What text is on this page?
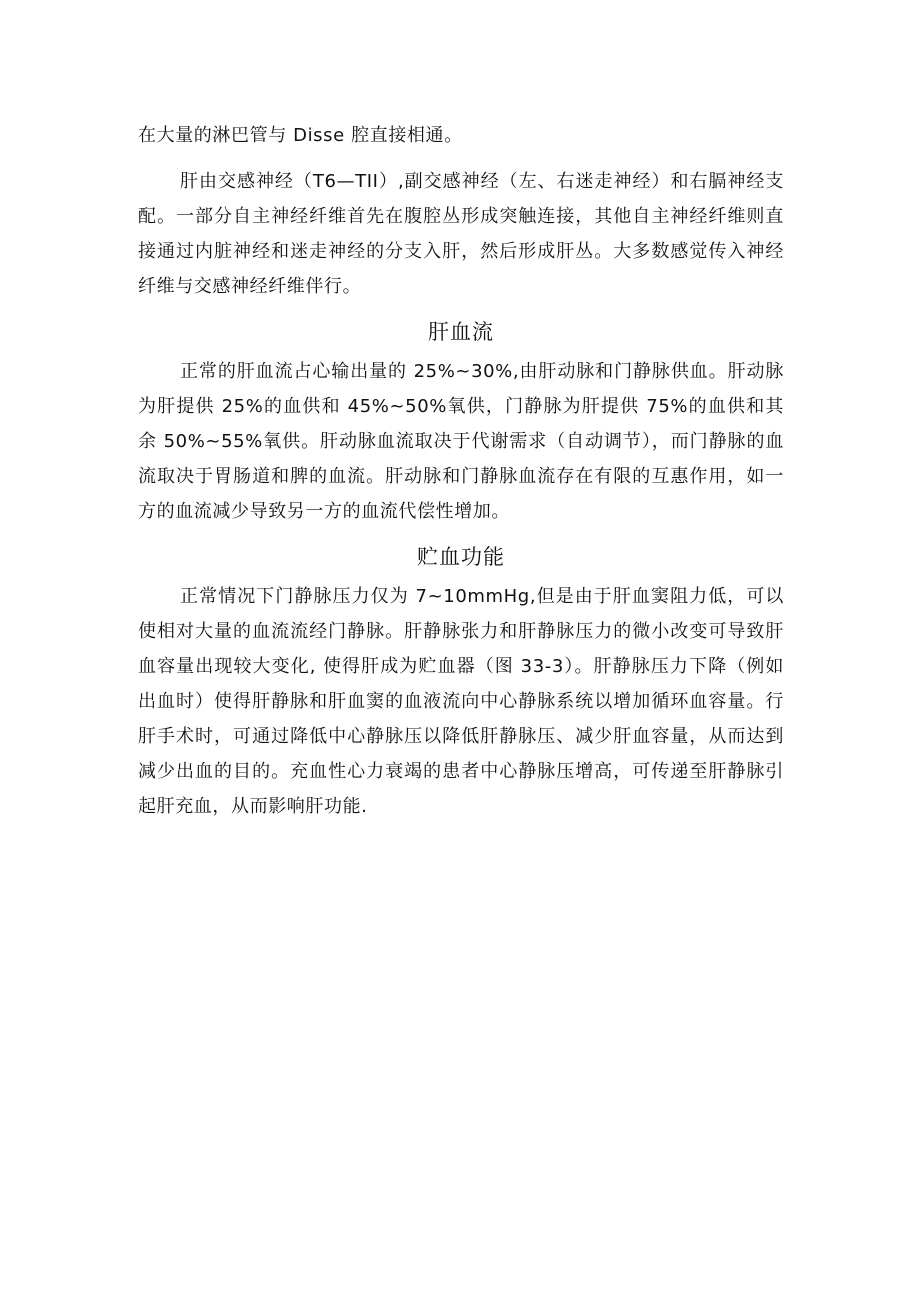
在大量的淋巴管与 Disse 腔直接相通。

肝由交感神经（T6—TII）,副交感神经（左、右迷走神经）和右膈神经支配。一部分自主神经纤维首先在腹腔丛形成突触连接，其他自主神经纤维则直接通过内脏神经和迷走神经的分支入肝，然后形成肝丛。大多数感觉传入神经纤维与交感神经纤维伴行。

肝血流

正常的肝血流占心输出量的 25%~30%,由肝动脉和门静脉供血。肝动脉为肝提供 25%的血供和 45%~50%氧供，门静脉为肝提供 75%的血供和其余 50%~55%氧供。肝动脉血流取决于代谢需求（自动调节），而门静脉的血流取决于胃肠道和脾的血流。肝动脉和门静脉血流存在有限的互惠作用，如一方的血流减少导致另一方的血流代偿性增加。

贮血功能

正常情况下门静脉压力仅为 7~10mmHg,但是由于肝血窦阻力低，可以使相对大量的血流流经门静脉。肝静脉张力和肝静脉压力的微小改变可导致肝血容量出现较大变化, 使得肝成为贮血器（图 33-3）。肝静脉压力下降（例如出血时）使得肝静脉和肝血窦的血液流向中心静脉系统以增加循环血容量。行肝手术时，可通过降低中心静脉压以降低肝静脉压、减少肝血容量，从而达到减少出血的目的。充血性心力衰竭的患者中心静脉压增高，可传递至肝静脉引起肝充血，从而影响肝功能.
